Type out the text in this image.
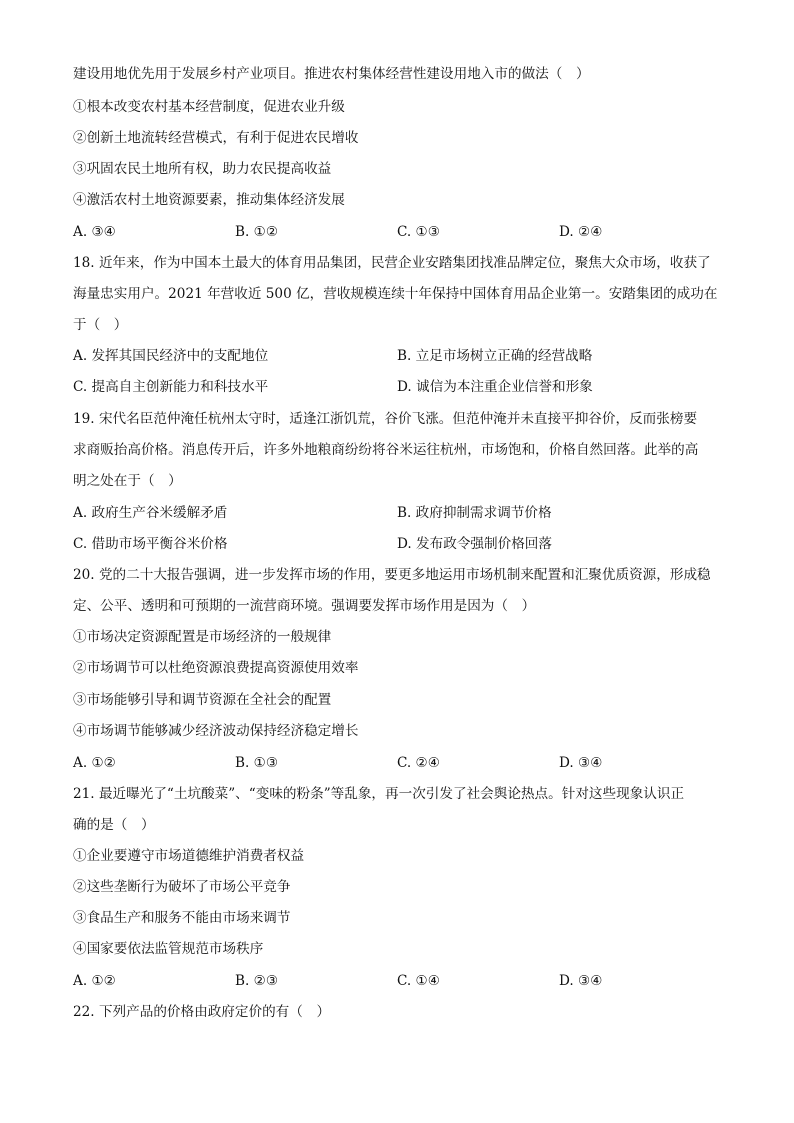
建设用地优先用于发展乡村产业项目。推进农村集体经营性建设用地入市的做法（　）
①根本改变农村基本经营制度，促进农业升级
②创新土地流转经营模式，有利于促进农民增收
③巩固农民土地所有权，助力农民提高收益
④激活农村土地资源要素，推动集体经济发展
A. ③④	B. ①②	C. ①③	D. ②④
18. 近年来，作为中国本土最大的体育用品集团，民营企业安踏集团找准品牌定位，聚焦大众市场，收获了
海量忠实用户。2021 年营收近 500 亿，营收规模连续十年保持中国体育用品企业第一。安踏集团的成功在
于（　）
A. 发挥其国民经济中的支配地位	B. 立足市场树立正确的经营战略
C. 提高自主创新能力和科技水平	D. 诚信为本注重企业信誉和形象
19. 宋代名臣范仲淹任杭州太守时，适逢江浙饥荒，谷价飞涨。但范仲淹并未直接平抑谷价，反而张榜要
求商贩抬高价格。消息传开后，许多外地粮商纷纷将谷米运往杭州，市场饱和，价格自然回落。此举的高
明之处在于（　）
A. 政府生产谷米缓解矛盾	B. 政府抑制需求调节价格
C. 借助市场平衡谷米价格	D. 发布政令强制价格回落
20. 党的二十大报告强调，进一步发挥市场的作用，要更多地运用市场机制来配置和汇聚优质资源，形成稳
定、公平、透明和可预期的一流营商环境。强调要发挥市场作用是因为（　）
①市场决定资源配置是市场经济的一般规律
②市场调节可以杜绝资源浪费提高资源使用效率
③市场能够引导和调节资源在全社会的配置
④市场调节能够减少经济波动保持经济稳定增长
A. ①②	B. ①③	C. ②④	D. ③④
21. 最近曝光了“土坑酸菜”、“变味的粉条”等乱象，再一次引发了社会舆论热点。针对这些现象认识正
确的是（　）
①企业要遵守市场道德维护消费者权益
②这些垄断行为破坏了市场公平竞争
③食品生产和服务不能由市场来调节
④国家要依法监管规范市场秩序
A. ①②	B. ②③	C. ①④	D. ③④
22. 下列产品的价格由政府定价的有（　）
